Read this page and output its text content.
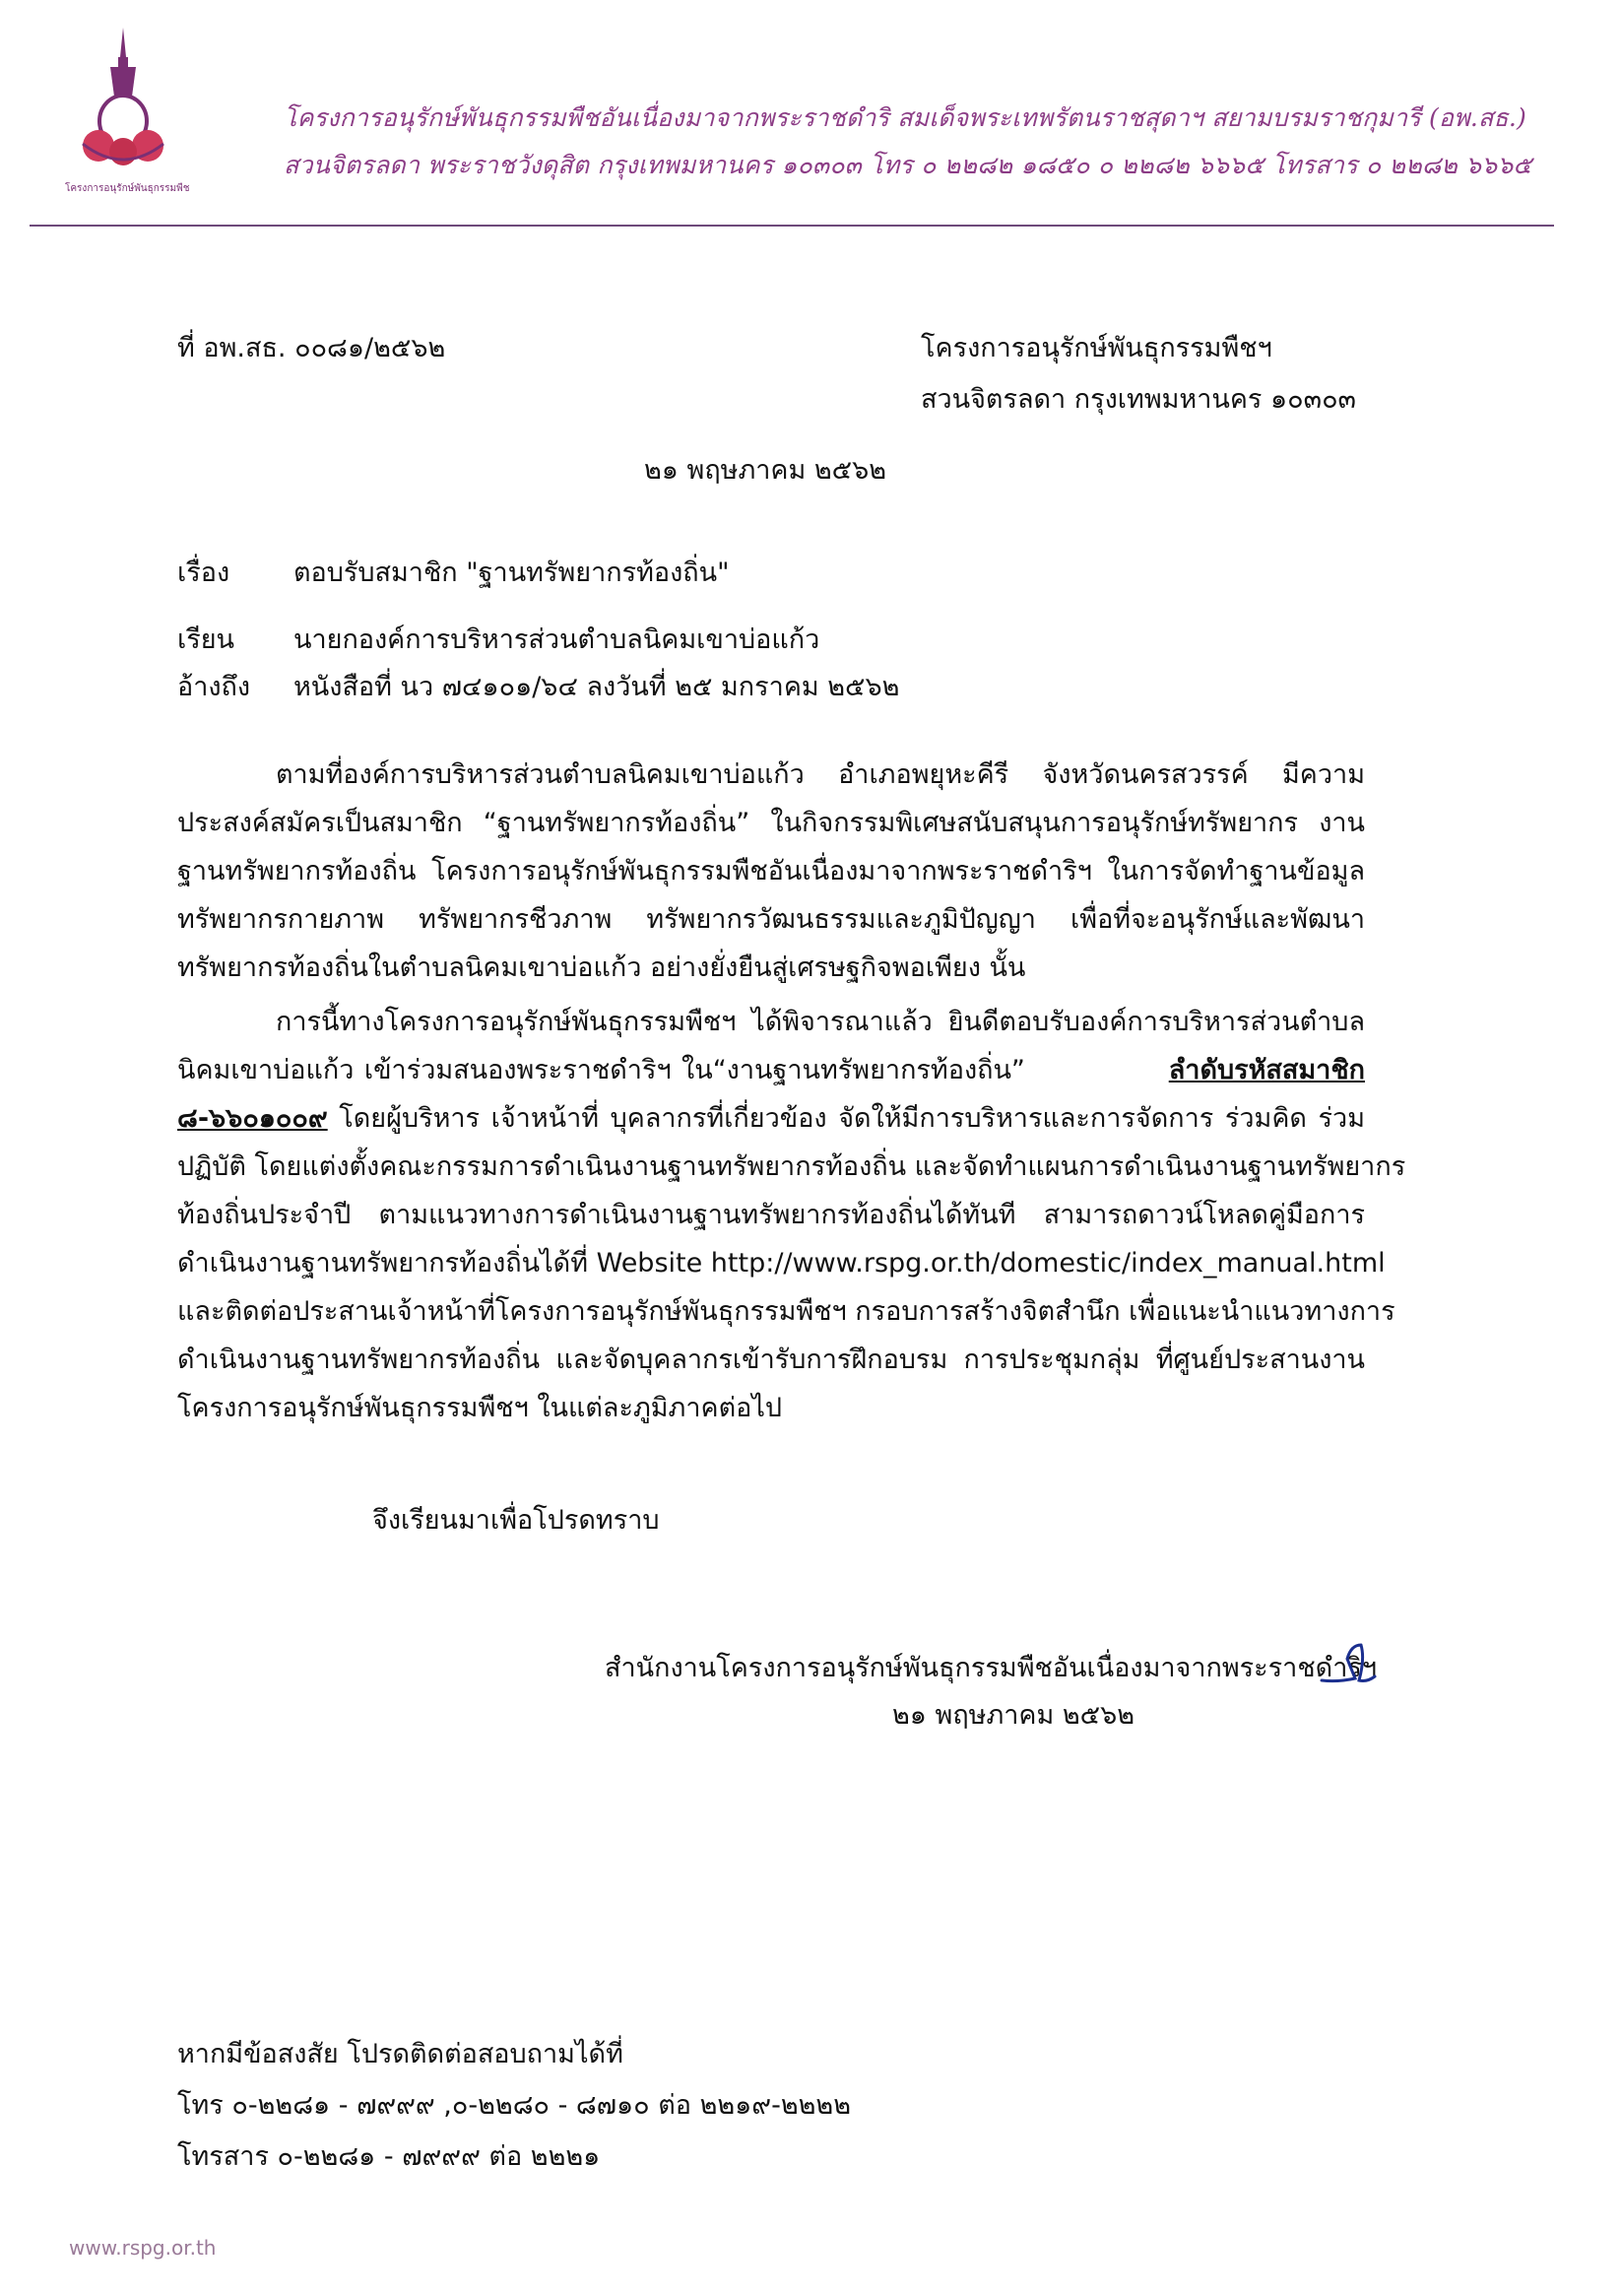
โครงการอนุรักษ์พันธุกรรมพืช
โครงการอนุรักษ์พันธุกรรมพืชอันเนื่องมาจากพระราชดำริ สมเด็จพระเทพรัตนราชสุดาฯ สยามบรมราชกุมารี (อพ.สธ.)
สวนจิตรลดา พระราชวังดุสิต กรุงเทพมหานคร ๑๐๓๐๓ โทร ๐ ๒๒๘๒ ๑๘๕๐ ๐ ๒๒๘๒ ๖๖๖๕ โทรสาร ๐ ๒๒๘๒ ๖๖๖๕
ที่ อพ.สธ. ๐๐๘๑/๒๕๖๒	โครงการอนุรักษ์พันธุกรรมพืชฯ
สวนจิตรลดา กรุงเทพมหานคร ๑๐๓๐๓
๒๑ พฤษภาคม ๒๕๖๒
เรื่อง ตอบรับสมาชิก "ฐานทรัพยากรท้องถิ่น"
เรียน นายกองค์การบริหารส่วนตำบลนิคมเขาบ่อแก้ว
อ้างถึง หนังสือที่ นว ๗๔๑๐๑/๖๔ ลงวันที่ ๒๕ มกราคม ๒๕๖๒
ตามที่องค์การบริหารส่วนตำบลนิคมเขาบ่อแก้ว อำเภอพยุหะคีรี จังหวัดนครสวรรค์ มีความ
ประสงค์สมัครเป็นสมาชิก “ฐานทรัพยากรท้องถิ่น” ในกิจกรรมพิเศษสนับสนุนการอนุรักษ์ทรัพยากร งาน
ฐานทรัพยากรท้องถิ่น โครงการอนุรักษ์พันธุกรรมพืชอันเนื่องมาจากพระราชดำริฯ ในการจัดทำฐานข้อมูล
ทรัพยากรกายภาพ ทรัพยากรชีวภาพ ทรัพยากรวัฒนธรรมและภูมิปัญญา เพื่อที่จะอนุรักษ์และพัฒนา
ทรัพยากรท้องถิ่นในตำบลนิคมเขาบ่อแก้ว อย่างยั่งยืนสู่เศรษฐกิจพอเพียง นั้น
การนี้ทางโครงการอนุรักษ์พันธุกรรมพืชฯ ได้พิจารณาแล้ว ยินดีตอบรับองค์การบริหารส่วนตำบล
นิคมเขาบ่อแก้ว เข้าร่วมสนองพระราชดำริฯ ใน“งานฐานทรัพยากรท้องถิ่น”	ลำดับรหัสสมาชิก
๘-๖๖๐๑๐๐๙ โดยผู้บริหาร เจ้าหน้าที่ บุคลากรที่เกี่ยวข้อง จัดให้มีการบริหารและการจัดการ ร่วมคิด ร่วม
ปฏิบัติ โดยแต่งตั้งคณะกรรมการดำเนินงานฐานทรัพยากรท้องถิ่น และจัดทำแผนการดำเนินงานฐานทรัพยากร
ท้องถิ่นประจำปี ตามแนวทางการดำเนินงานฐานทรัพยากรท้องถิ่นได้ทันที สามารถดาวน์โหลดคู่มือการ
ดำเนินงานฐานทรัพยากรท้องถิ่นได้ที่ Website http://www.rspg.or.th/domestic/index_manual.html
และติดต่อประสานเจ้าหน้าที่โครงการอนุรักษ์พันธุกรรมพืชฯ กรอบการสร้างจิตสำนึก เพื่อแนะนำแนวทางการ
ดำเนินงานฐานทรัพยากรท้องถิ่น และจัดบุคลากรเข้ารับการฝึกอบรม การประชุมกลุ่ม ที่ศูนย์ประสานงาน
โครงการอนุรักษ์พันธุกรรมพืชฯ ในแต่ละภูมิภาคต่อไป
จึงเรียนมาเพื่อโปรดทราบ
สำนักงานโครงการอนุรักษ์พันธุกรรมพืชอันเนื่องมาจากพระราชดำริฯ
๒๑ พฤษภาคม ๒๕๖๒
หากมีข้อสงสัย โปรดติดต่อสอบถามได้ที่
โทร ๐-๒๒๘๑ - ๗๙๙๙ ,๐-๒๒๘๐ - ๘๗๑๐ ต่อ ๒๒๑๙-๒๒๒๒
โทรสาร ๐-๒๒๘๑ - ๗๙๙๙ ต่อ ๒๒๒๑
www.rspg.or.th
